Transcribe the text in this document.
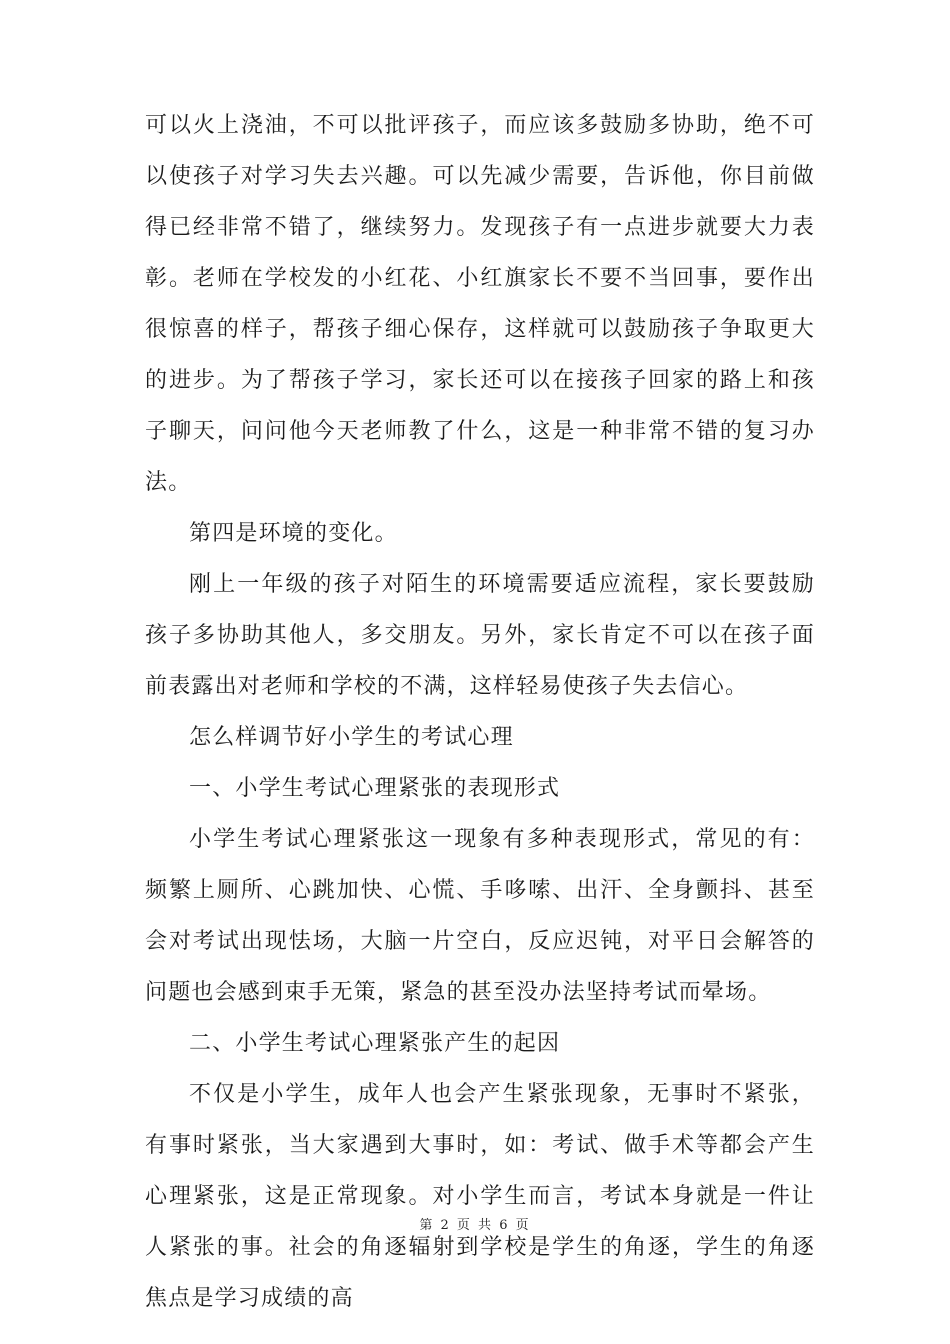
可以火上浇油，不可以批评孩子，而应该多鼓励多协助，绝不可以使孩子对学习失去兴趣。可以先减少需要，告诉他，你目前做得已经非常不错了，继续努力。发现孩子有一点进步就要大力表彰。老师在学校发的小红花、小红旗家长不要不当回事，要作出很惊喜的样子，帮孩子细心保存，这样就可以鼓励孩子争取更大的进步。为了帮孩子学习，家长还可以在接孩子回家的路上和孩子聊天，问问他今天老师教了什么，这是一种非常不错的复习办法。

第四是环境的变化。

刚上一年级的孩子对陌生的环境需要适应流程，家长要鼓励孩子多协助其他人，多交朋友。另外，家长肯定不可以在孩子面前表露出对老师和学校的不满，这样轻易使孩子失去信心。

怎么样调节好小学生的考试心理

一、小学生考试心理紧张的表现形式

小学生考试心理紧张这一现象有多种表现形式，常见的有：频繁上厕所、心跳加快、心慌、手哆嗦、出汗、全身颤抖、甚至会对考试出现怯场，大脑一片空白，反应迟钝，对平日会解答的问题也会感到束手无策，紧急的甚至没办法坚持考试而晕场。

二、小学生考试心理紧张产生的起因

不仅是小学生，成年人也会产生紧张现象，无事时不紧张，有事时紧张，当大家遇到大事时，如：考试、做手术等都会产生心理紧张，这是正常现象。对小学生而言，考试本身就是一件让人紧张的事。社会的角逐辐射到学校是学生的角逐，学生的角逐焦点是学习成绩的高

第 2 页 共 6 页
